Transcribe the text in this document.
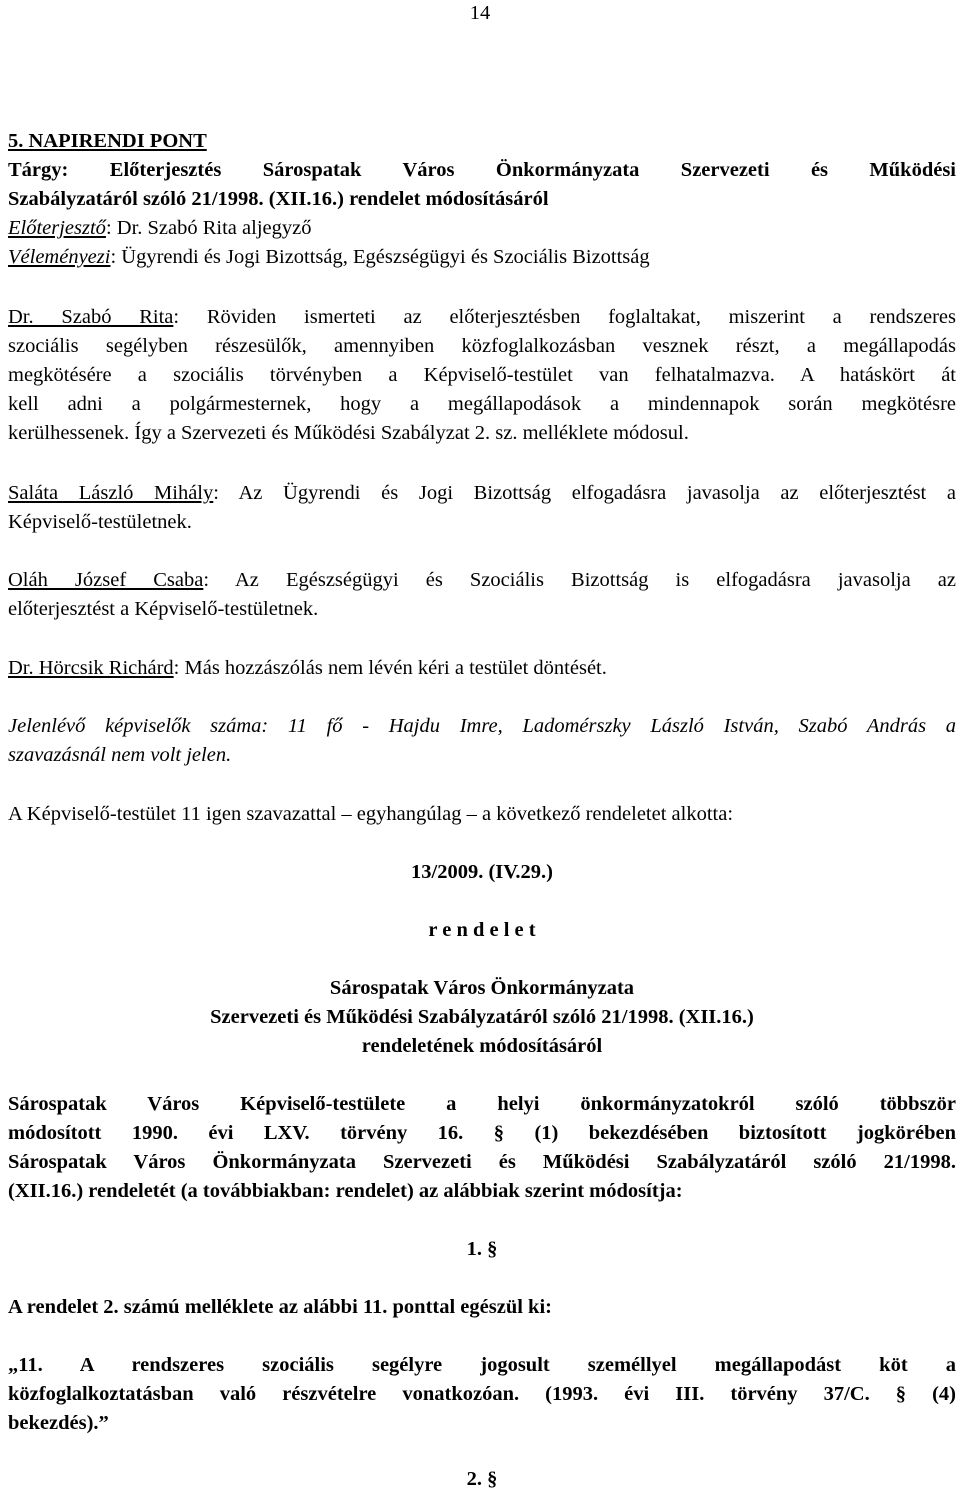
14
5. NAPIRENDI PONT
Tárgy: Előterjesztés Sárospatak Város Önkormányzata Szervezeti és Működési
Szabályzatáról szóló 21/1998. (XII.16.) rendelet módosításáról
Előterjesztő: Dr. Szabó Rita aljegyző
Véleményezi: Ügyrendi és Jogi Bizottság, Egészségügyi és Szociális Bizottság
Dr. Szabó Rita: Röviden ismerteti az előterjesztésben foglaltakat, miszerint a rendszeres
szociális segélyben részesülők, amennyiben közfoglalkozásban vesznek részt, a megállapodás
megkötésére a szociális törvényben a Képviselő-testület van felhatalmazva. A hatáskört át
kell adni a polgármesternek, hogy a megállapodások a mindennapok során megkötésre
kerülhessenek. Így a Szervezeti és Működési Szabályzat 2. sz. melléklete módosul.
Saláta László Mihály: Az Ügyrendi és Jogi Bizottság elfogadásra javasolja az előterjesztést a
Képviselő-testületnek.
Oláh József Csaba: Az Egészségügyi és Szociális Bizottság is elfogadásra javasolja az
előterjesztést a Képviselő-testületnek.
Dr. Hörcsik Richárd: Más hozzászólás nem lévén kéri a testület döntését.
Jelenlévő képviselők száma: 11 fő - Hajdu Imre, Ladomérszky László István, Szabó András a
szavazásnál nem volt jelen.
A Képviselő-testület 11 igen szavazattal – egyhangúlag – a következő rendeletet alkotta:
13/2009. (IV.29.)
r e n d e l e t
Sárospatak Város Önkormányzata
Szervezeti és Működési Szabályzatáról szóló 21/1998. (XII.16.)
rendeletének módosításáról
Sárospatak Város Képviselő-testülete a helyi önkormányzatokról szóló többször
módosított 1990. évi LXV. törvény 16. § (1) bekezdésében biztosított jogkörében
Sárospatak Város Önkormányzata Szervezeti és Működési Szabályzatáról szóló 21/1998.
(XII.16.) rendeletét (a továbbiakban: rendelet) az alábbiak szerint módosítja:
1. §
A rendelet 2. számú melléklete az alábbi 11. ponttal egészül ki:
„11. A rendszeres szociális segélyre jogosult személlyel megállapodást köt a
közfoglalkoztatásban való részvételre vonatkozóan. (1993. évi III. törvény 37/C. § (4)
bekezdés).”
2. §
